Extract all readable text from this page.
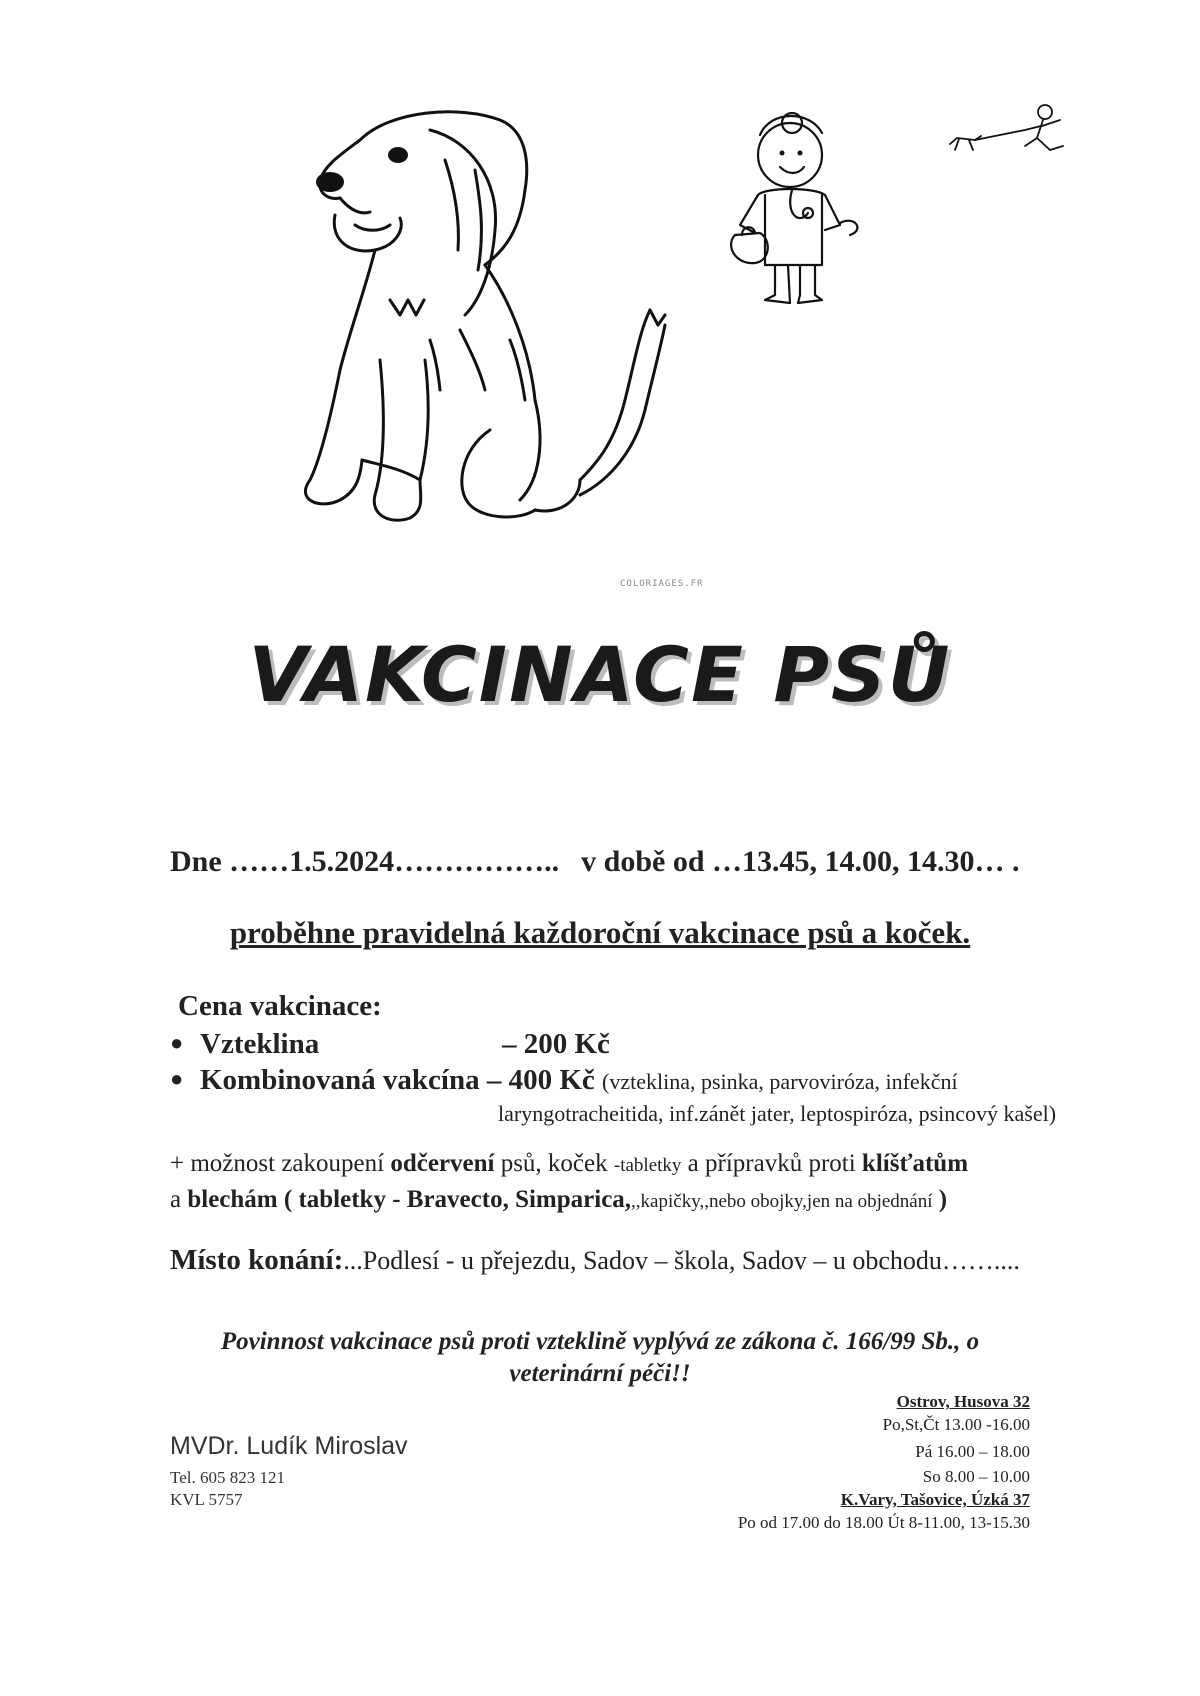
COLORIAGES.FR
VAKCINACE PSŮ
Dne ……1.5.2024…………….. v době od …13.45, 14.00, 14.30… .
proběhne pravidelná každoroční vakcinace psů a koček.
Cena vakcinace:
● Vzteklina	– 200 Kč
● Kombinovaná vakcína – 400 Kč (vzteklina, psinka, parvoviróza, infekční
laryngotracheitida, inf.zánět jater, leptospiróza, psincový kašel)
+ možnost zakoupení odčervení psů, koček -tabletky a přípravků proti klíšťatům
a blechám ( tabletky - Bravecto, Simparica,,,kapičky,,nebo obojky,jen na objednání )
Místo konání:...Podlesí - u přejezdu, Sadov – škola, Sadov – u obchodu……....
Povinnost vakcinace psů proti vzteklině vyplývá ze zákona č. 166/99 Sb., o
veterinární péči!!
MVDr. Ludík Miroslav
Tel. 605 823 121
KVL 5757
Ostrov, Husova 32
Po,St,Čt 13.00 -16.00
Pá 16.00 – 18.00
So 8.00 – 10.00
K.Vary, Tašovice, Úzká 37
Po od 17.00 do 18.00 Út 8-11.00, 13-15.30
